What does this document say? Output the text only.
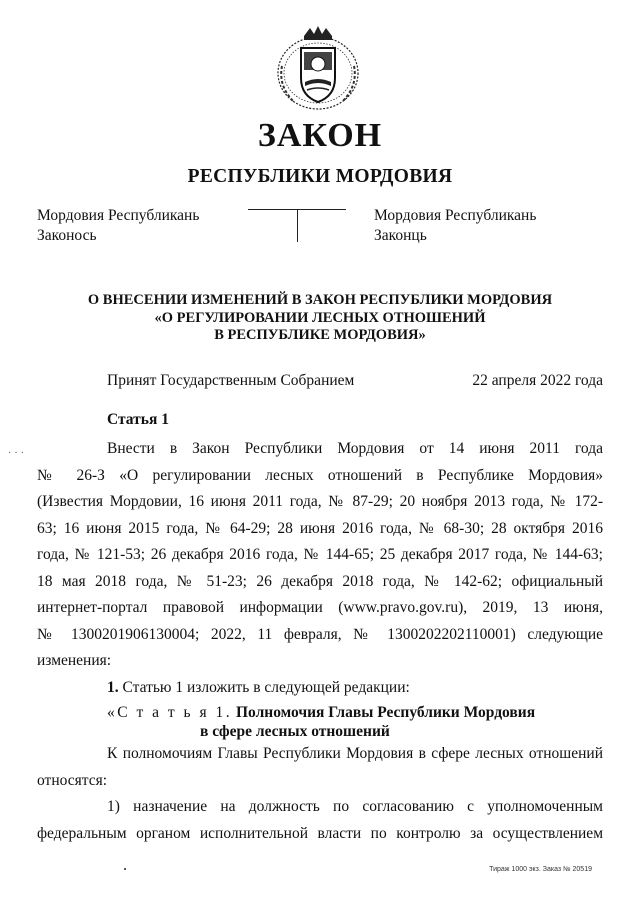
ЗАКОН
РЕСПУБЛИКИ МОРДОВИЯ
Мордовия Республикань
Законось
Мордовия Республикань
Законць
О ВНЕСЕНИИ ИЗМЕНЕНИЙ В ЗАКОН РЕСПУБЛИКИ МОРДОВИЯ
«О РЕГУЛИРОВАНИИ ЛЕСНЫХ ОТНОШЕНИЙ
В РЕСПУБЛИКЕ МОРДОВИЯ»
Принят Государственным Собранием	22 апреля 2022 года
Статья 1
Внести в Закон Республики Мордовия от 14 июня 2011 года
№ 26-З «О регулировании лесных отношений в Республике Мордовия»
(Известия Мордовии, 16 июня 2011 года, № 87-29; 20 ноября 2013 года, № 172-
63; 16 июня 2015 года, № 64-29; 28 июня 2016 года, № 68-30; 28 октября 2016
года, № 121-53; 26 декабря 2016 года, № 144-65; 25 декабря 2017 года, № 144-63;
18 мая 2018 года, № 51-23; 26 декабря 2018 года, № 142-62; официальный
интернет-портал правовой информации (www.pravo.gov.ru), 2019, 13 июня,
№ 1300201906130004; 2022, 11 февраля, № 1300202202110001) следующие
изменения:
1. Статью 1 изложить в следующей редакции:
«С т а т ь я 1. Полномочия Главы Республики Мордовия
в сфере лесных отношений
К полномочиям Главы Республики Мордовия в сфере лесных отношений
относятся:
1) назначение на должность по согласованию с уполномоченным
федеральным органом исполнительной власти по контролю за осуществлением
···
Тираж 1000 экз. Заказ № 20519
